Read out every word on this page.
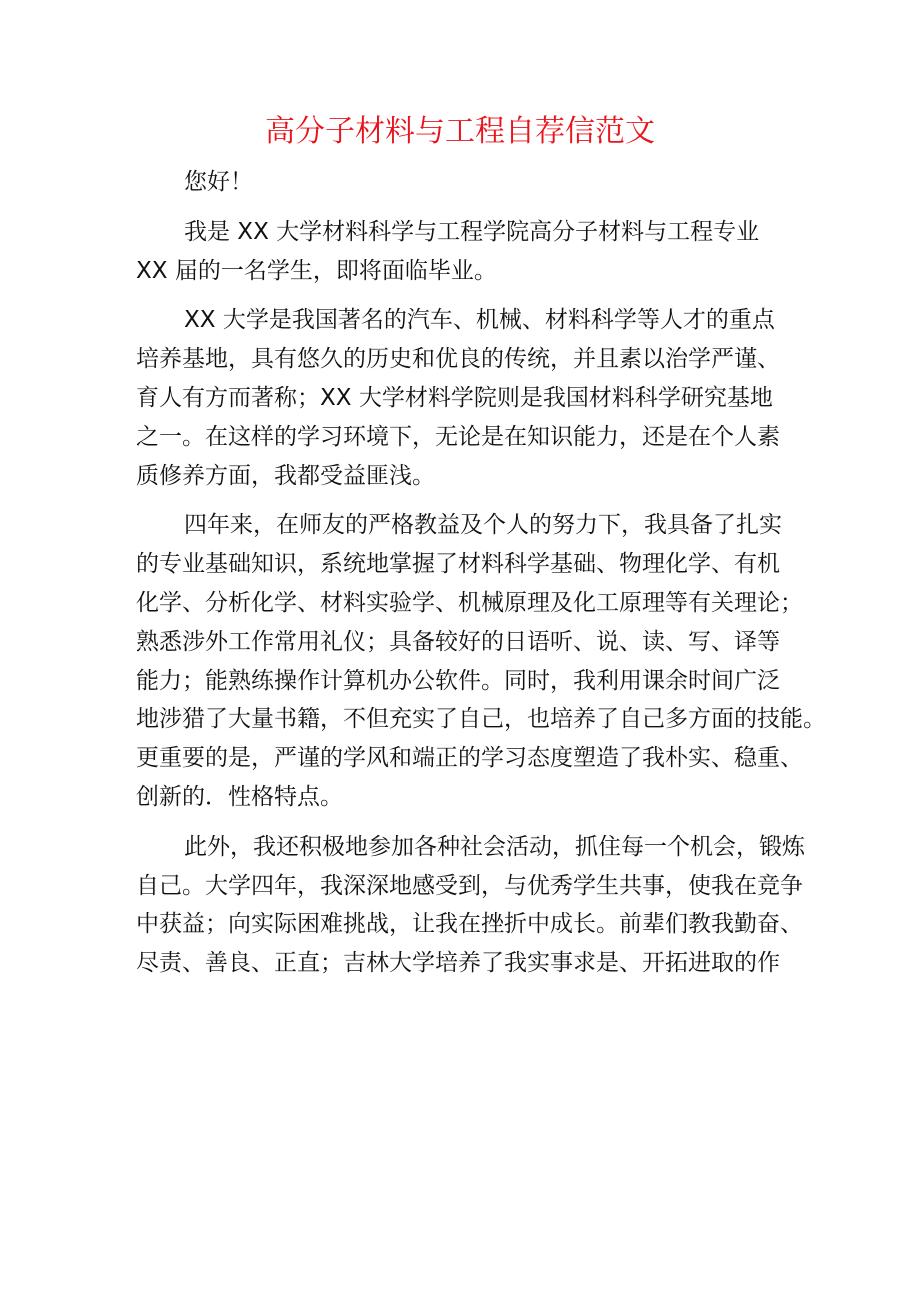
高分子材料与工程自荐信范文
您好！
我是 XX 大学材料科学与工程学院高分子材料与工程专业
XX 届的一名学生，即将面临毕业。
XX 大学是我国著名的汽车、机械、材料科学等人才的重点
培养基地，具有悠久的历史和优良的传统，并且素以治学严谨、
育人有方而著称；XX 大学材料学院则是我国材料科学研究基地
之一。在这样的学习环境下，无论是在知识能力，还是在个人素
质修养方面，我都受益匪浅。
四年来，在师友的严格教益及个人的努力下，我具备了扎实
的专业基础知识，系统地掌握了材料科学基础、物理化学、有机
化学、分析化学、材料实验学、机械原理及化工原理等有关理论；
熟悉涉外工作常用礼仪；具备较好的日语听、说、读、写、译等
能力；能熟练操作计算机办公软件。同时，我利用课余时间广泛
地涉猎了大量书籍，不但充实了自己，也培养了自己多方面的技能。
更重要的是，严谨的学风和端正的学习态度塑造了我朴实、稳重、
创新的．性格特点。
此外，我还积极地参加各种社会活动，抓住每一个机会，锻炼
自己。大学四年，我深深地感受到，与优秀学生共事，使我在竞争
中获益；向实际困难挑战，让我在挫折中成长。前辈们教我勤奋、
尽责、善良、正直；吉林大学培养了我实事求是、开拓进取的作
